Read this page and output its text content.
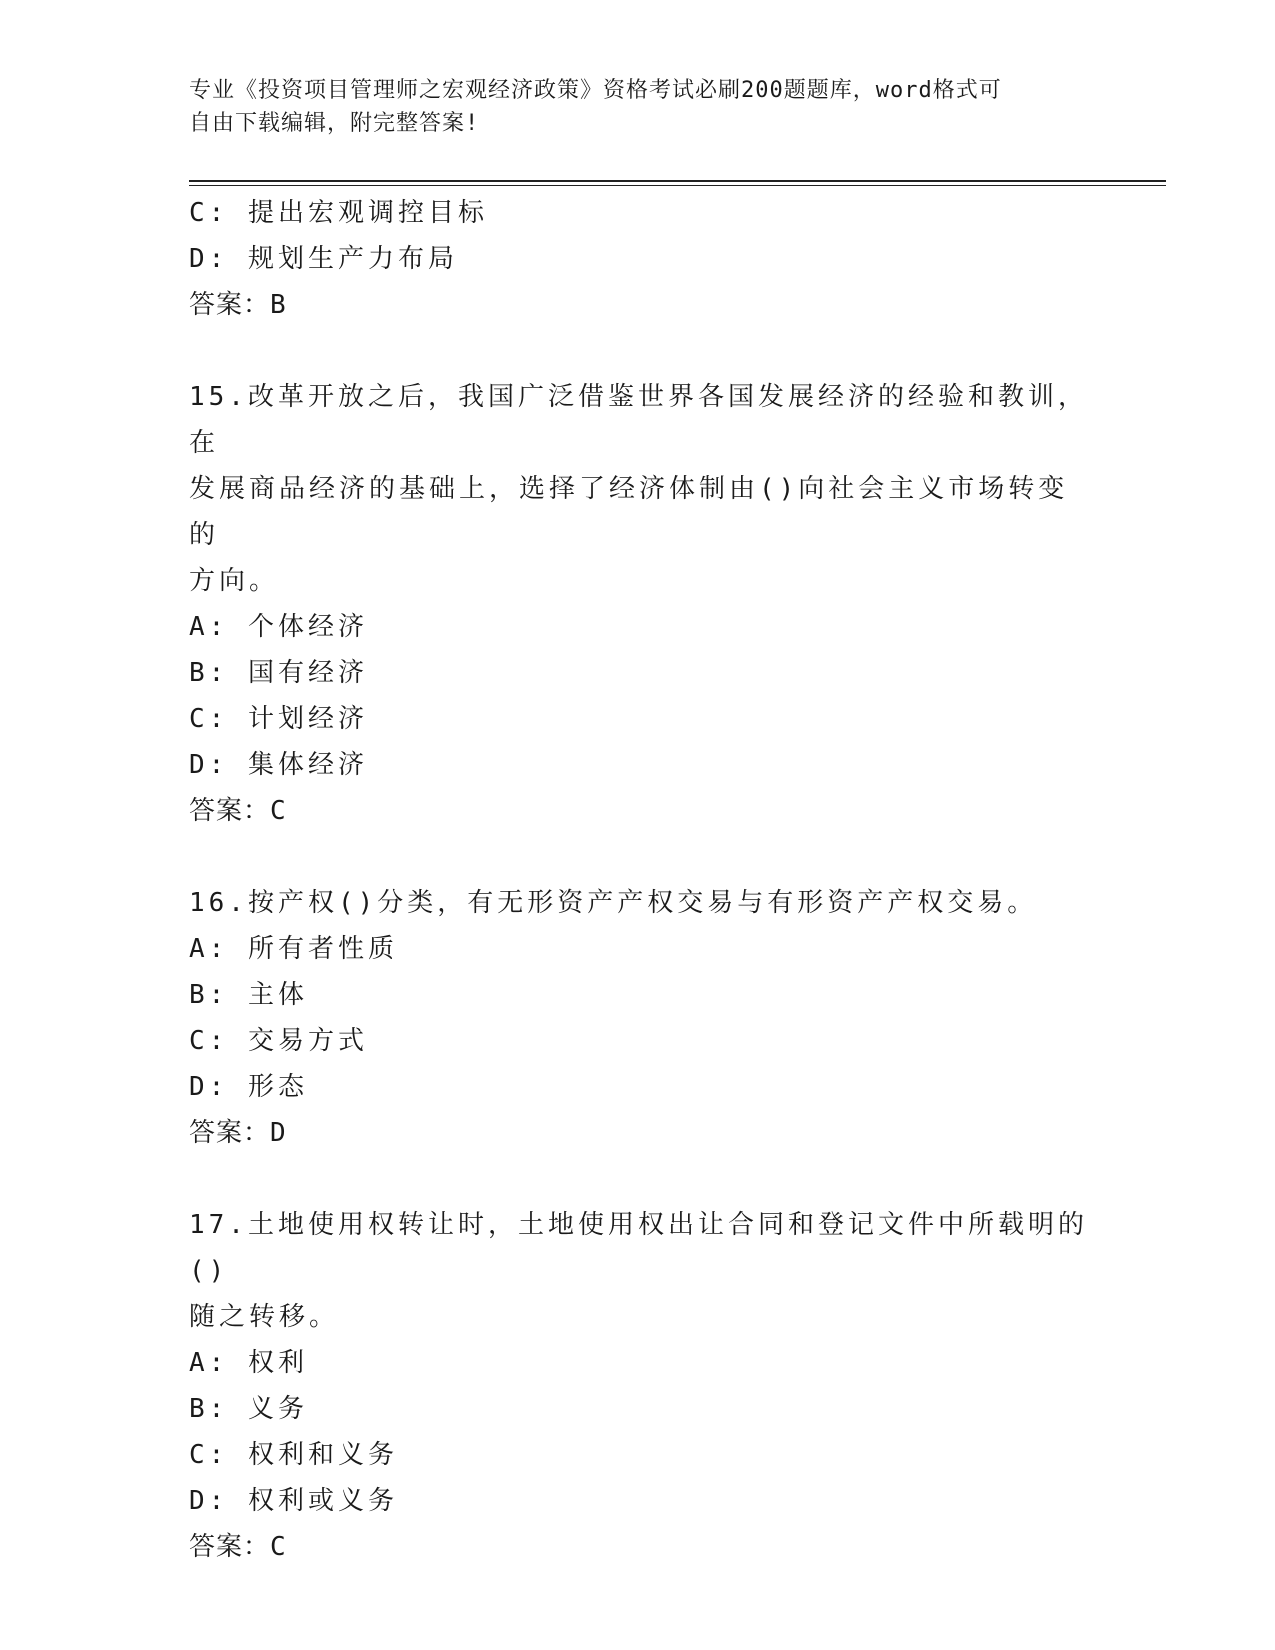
专业《投资项目管理师之宏观经济政策》资格考试必刷200题题库，word格式可
自由下载编辑，附完整答案!
C: 提出宏观调控目标
D: 规划生产力布局
答案：B
15.改革开放之后，我国广泛借鉴世界各国发展经济的经验和教训，在
发展商品经济的基础上，选择了经济体制由()向社会主义市场转变的
方向。
A: 个体经济
B: 国有经济
C: 计划经济
D: 集体经济
答案：C
16.按产权()分类，有无形资产产权交易与有形资产产权交易。
A: 所有者性质
B: 主体
C: 交易方式
D: 形态
答案：D
17.土地使用权转让时，土地使用权出让合同和登记文件中所载明的()
随之转移。
A: 权利
B: 义务
C: 权利和义务
D: 权利或义务
答案：C
